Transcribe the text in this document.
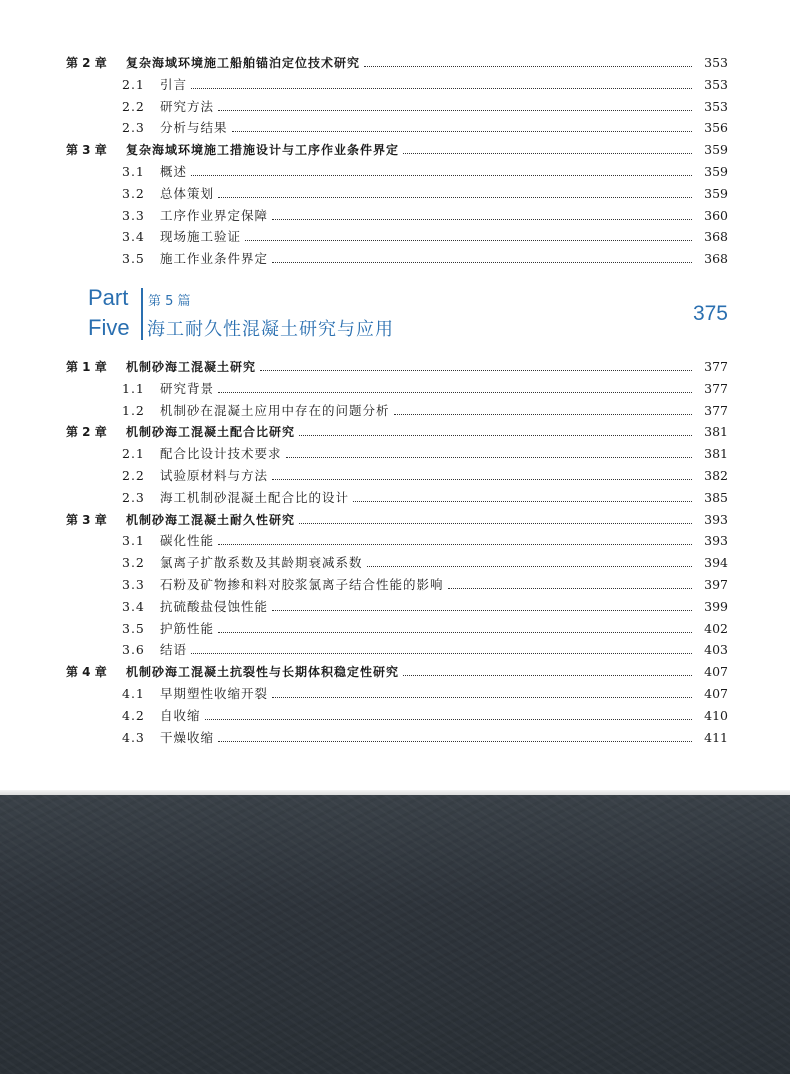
第 2 章	复杂海域环境施工船舶锚泊定位技术研究	353
2.1	引言	353
2.2	研究方法	353
2.3	分析与结果	356
第 3 章	复杂海域环境施工措施设计与工序作业条件界定	359
3.1	概述	359
3.2	总体策划	359
3.3	工序作业界定保障	360
3.4	现场施工验证	368
3.5	施工作业条件界定	368
Part
Five
第 5 篇
海工耐久性混凝土研究与应用
375
第 1 章	机制砂海工混凝土研究	377
1.1	研究背景	377
1.2	机制砂在混凝土应用中存在的问题分析	377
第 2 章	机制砂海工混凝土配合比研究	381
2.1	配合比设计技术要求	381
2.2	试验原材料与方法	382
2.3	海工机制砂混凝土配合比的设计	385
第 3 章	机制砂海工混凝土耐久性研究	393
3.1	碳化性能	393
3.2	氯离子扩散系数及其龄期衰减系数	394
3.3	石粉及矿物掺和料对胶浆氯离子结合性能的影响	397
3.4	抗硫酸盐侵蚀性能	399
3.5	护筋性能	402
3.6	结语	403
第 4 章	机制砂海工混凝土抗裂性与长期体积稳定性研究	407
4.1	早期塑性收缩开裂	407
4.2	自收缩	410
4.3	干燥收缩	411
